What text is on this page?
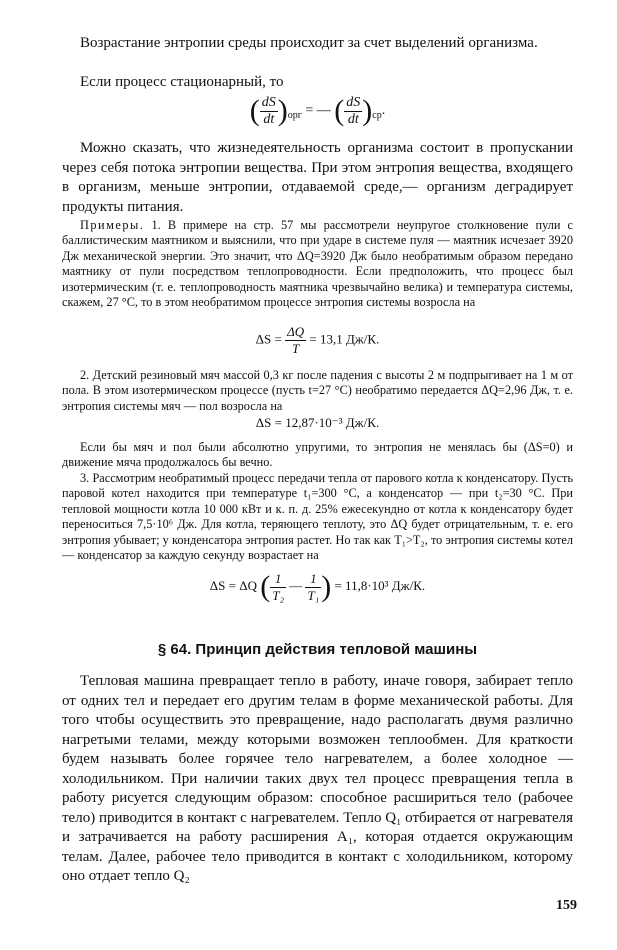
Возрастание энтропии среды происходит за счет выделений организма.

Если процесс стационарный, то

( $\frac{dS}{dt} )_{орг}$ = — ( $\frac{dS}{dt} )_{ср}$.

Можно сказать, что жизнедеятельность организма состоит в пропускании через себя потока энтропии вещества. При этом энтропия вещества, входящего в организм, меньше энтропии, отдаваемой среде,— организм деградирует продукты питания.

Примеры. 1. В примере на стр. 57 мы рассмотрели неупругое столкновение пули с баллистическим маятником и выяснили, что при ударе в системе пуля — маятник исчезает 3920 Дж механической энергии. Это значит, что ΔQ=3920 Дж было необратимым образом передано маятнику от пули посредством теплопроводности. Если предположить, что процесс был изотермическим (т. е. теплопроводность маятника чрезвычайно велика) и температура системы, скажем, 27 °С, то в этом необратимом процессе энтропия системы возросла на

$\Delta S = \frac{\Delta Q}{T} = 13,1$ Дж/К.

2. Детский резиновый мяч массой 0,3 кг после падения с высоты 2 м подпрыгивает на 1 м от пола. В этом изотермическом процессе (пусть t=27 °С) необратимо передается ΔQ=2,96 Дж, т. е. энтропия системы мяч — пол возросла на

ΔS = 12,87·10⁻³ Дж/К.

Если бы мяч и пол были абсолютно упругими, то энтропия не менялась бы (ΔS=0) и движение мяча продолжалось бы вечно.

3. Рассмотрим необратимый процесс передачи тепла от парового котла к конденсатору. Пусть паровой котел находится при температуре t₁=300 °С, а конденсатор — при t₂=30 °С. При тепловой мощности котла 10 000 кВт и к. п. д. 25% ежесекундно от котла к конденсатору будет переноситься 7,5·10⁶ Дж. Для котла, теряющего теплоту, это ΔQ будет отрицательным, т. е. его энтропия убывает; у конденсатора энтропия растет. Но так как T₁>T₂, то энтропия системы котел — конденсатор за каждую секунду возрастает на

ΔS = ΔQ ( $\frac{1}{\text{T₂}}$ — $\frac{1}{\text{T₁}}$ ) = 11,8·10³ Дж/К.
§ 64. Принцип действия тепловой машины

Тепловая машина превращает тепло в работу, иначе говоря, забирает тепло от одних тел и передает его другим телам в форме механической работы. Для того чтобы осуществить это превращение, надо располагать двумя различно нагретыми телами, между которыми возможен теплообмен. Для краткости будем называть более горячее тело нагревателем, а более холодное — холодильником. При наличии таких двух тел процесс превращения тепла в работу рисуется следующим образом: способное расшириться тело (рабочее тело) приводится в контакт с нагревателем. Тепло Q₁ отбирается от нагревателя и затрачивается на работу расширения A₁, которая отдается окружающим телам. Далее, рабочее тело приводится в контакт с холодильником, которому оно отдает тепло Q₂

159
